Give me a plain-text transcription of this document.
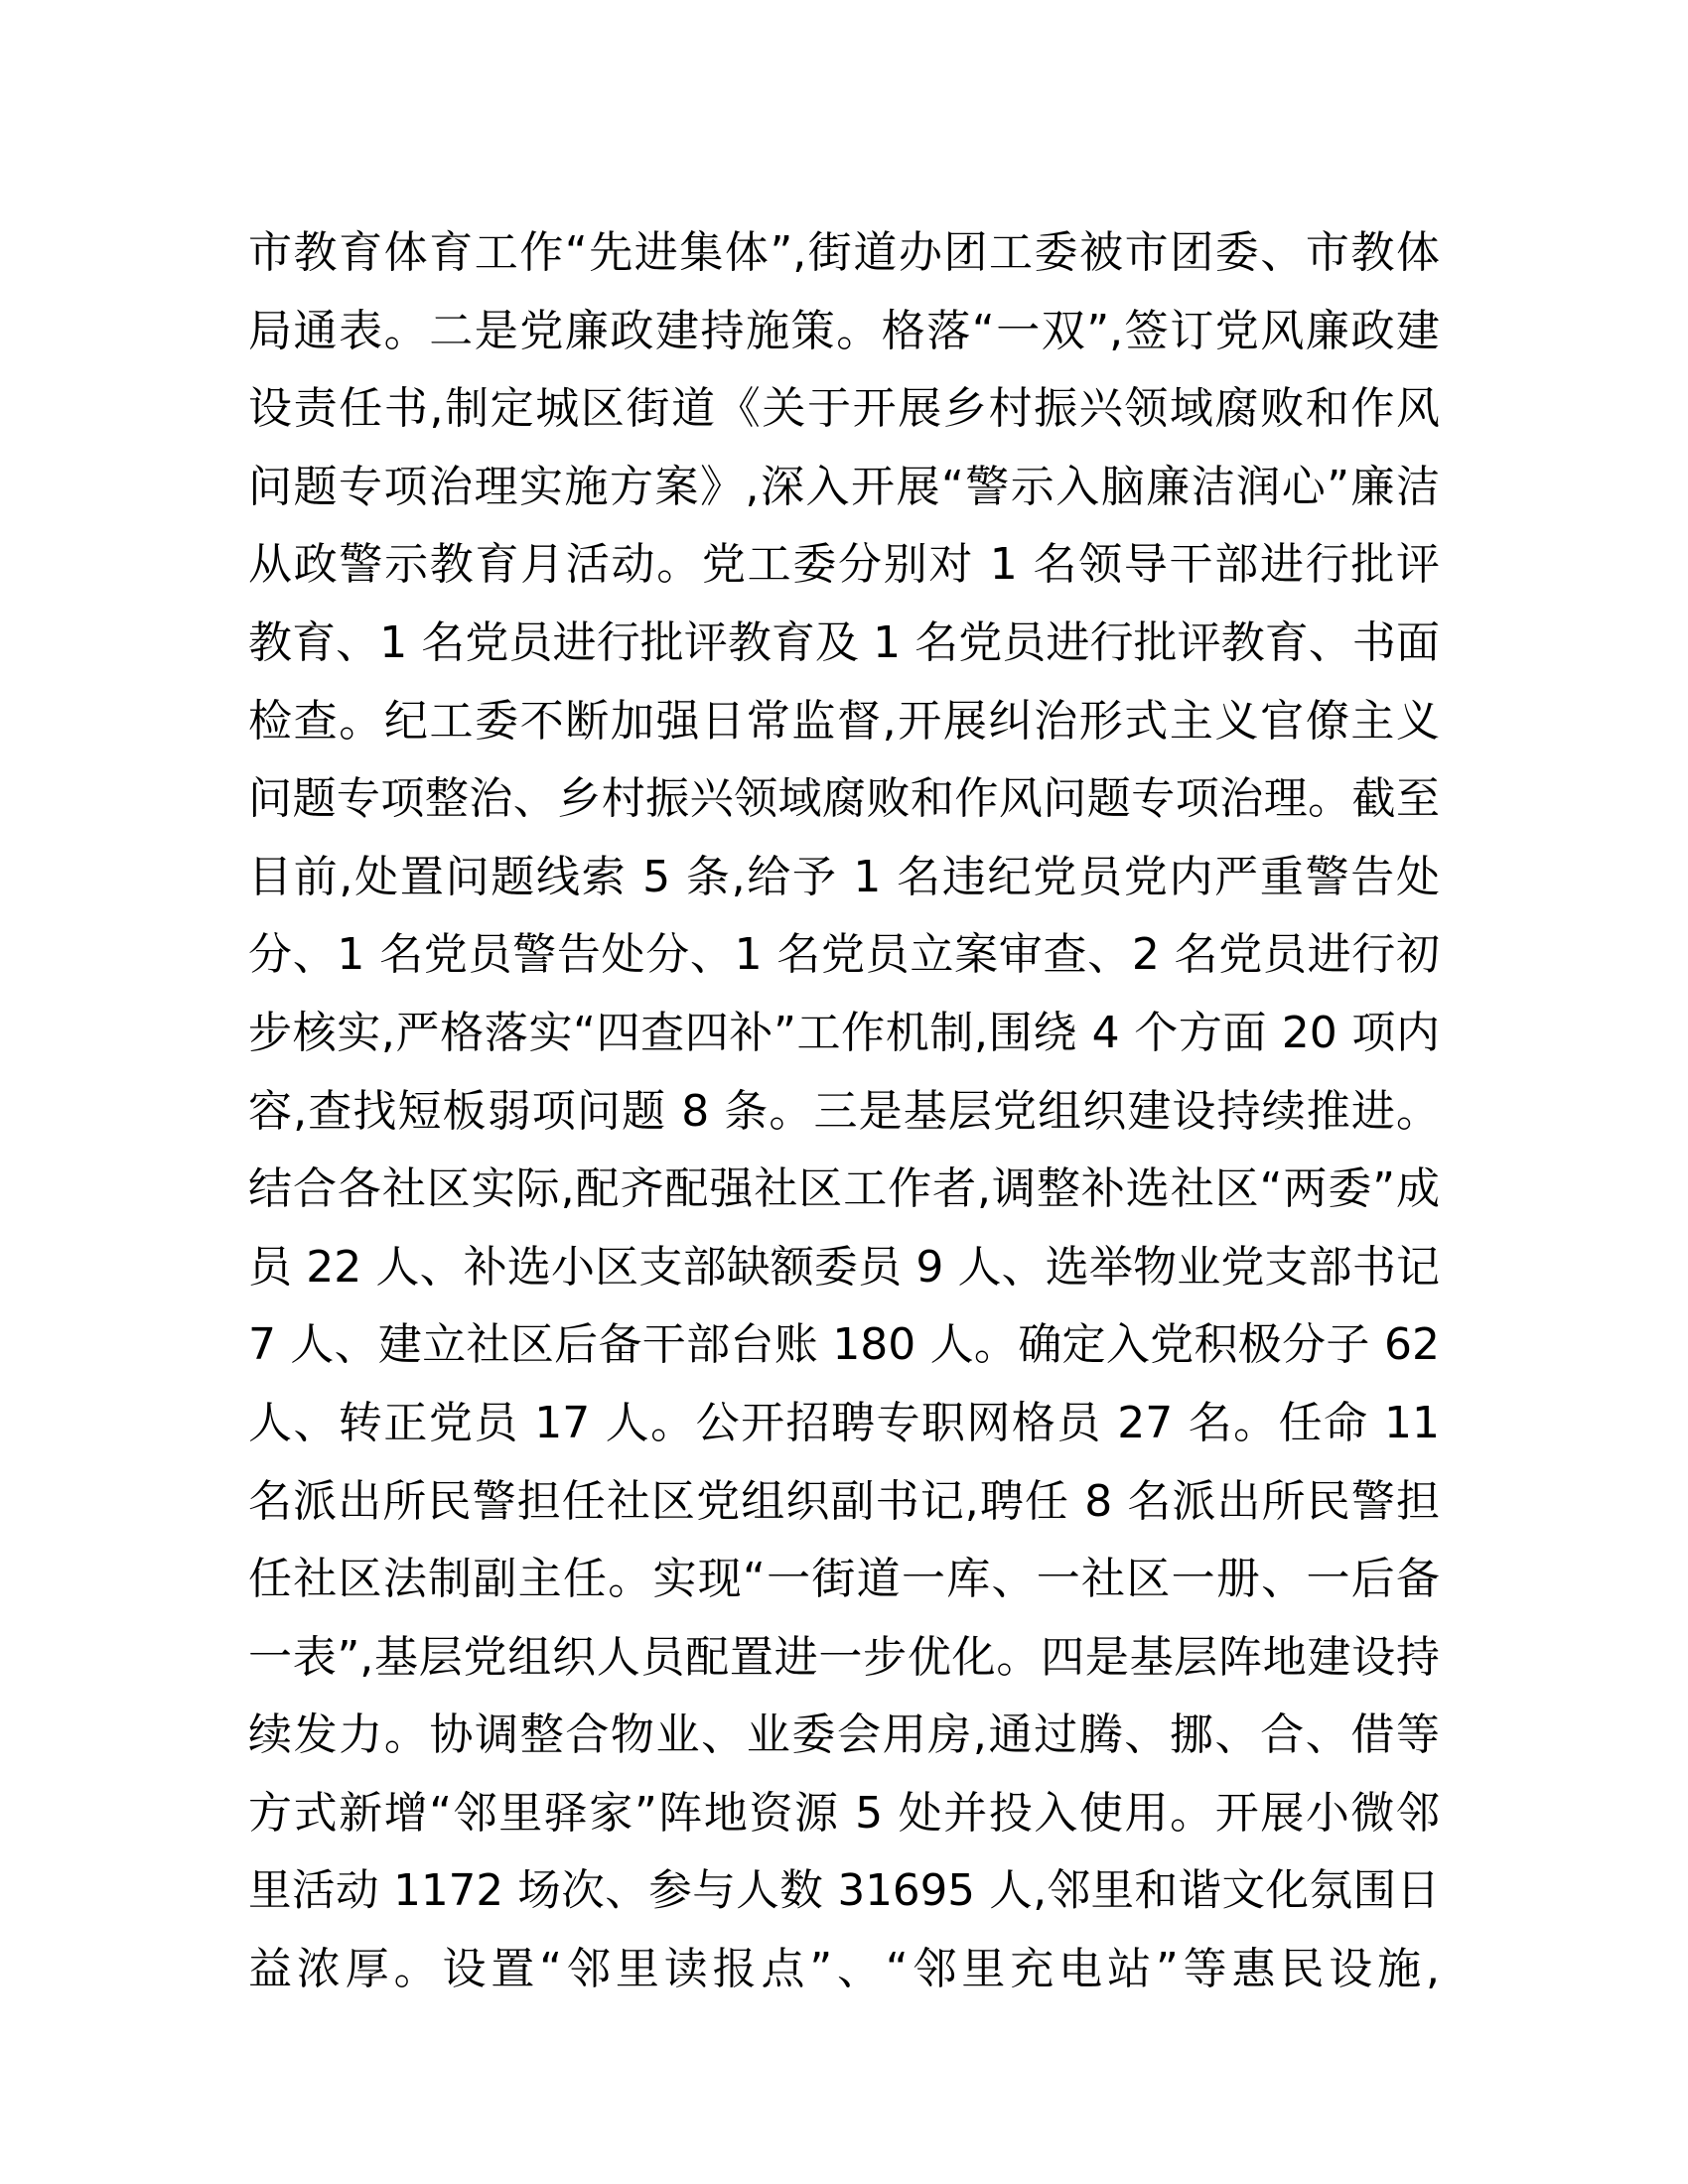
市教育体育工作“先进集体”,街道办团工委被市团委、市教体
局通表。二是党廉政建持施策。格落“一双”,签订党风廉政建
设责任书,制定城区街道《关于开展乡村振兴领域腐败和作风
问题专项治理实施方案》,深入开展“警示入脑廉洁润心”廉洁
从政警示教育月活动。党工委分别对 1 名领导干部进行批评
教育、1 名党员进行批评教育及 1 名党员进行批评教育、书面
检查。纪工委不断加强日常监督,开展纠治形式主义官僚主义
问题专项整治、乡村振兴领域腐败和作风问题专项治理。截至
目前,处置问题线索 5 条,给予 1 名违纪党员党内严重警告处
分、1 名党员警告处分、1 名党员立案审查、2 名党员进行初
步核实,严格落实“四查四补”工作机制,围绕 4 个方面 20 项内
容,查找短板弱项问题 8 条。三是基层党组织建设持续推进。
结合各社区实际,配齐配强社区工作者,调整补选社区“两委”成
员 22 人、补选小区支部缺额委员 9 人、选举物业党支部书记
7 人、建立社区后备干部台账 180 人。确定入党积极分子 62
人、转正党员 17 人。公开招聘专职网格员 27 名。任命 11
名派出所民警担任社区党组织副书记,聘任 8 名派出所民警担
任社区法制副主任。实现“一街道一库、一社区一册、一后备
一表”,基层党组织人员配置进一步优化。四是基层阵地建设持
续发力。协调整合物业、业委会用房,通过腾、挪、合、借等
方式新增“邻里驿家”阵地资源 5 处并投入使用。开展小微邻
里活动 1172 场次、参与人数 31695 人,邻里和谐文化氛围日
益浓厚。设置“邻里读报点”、“邻里充电站”等惠民设施,
